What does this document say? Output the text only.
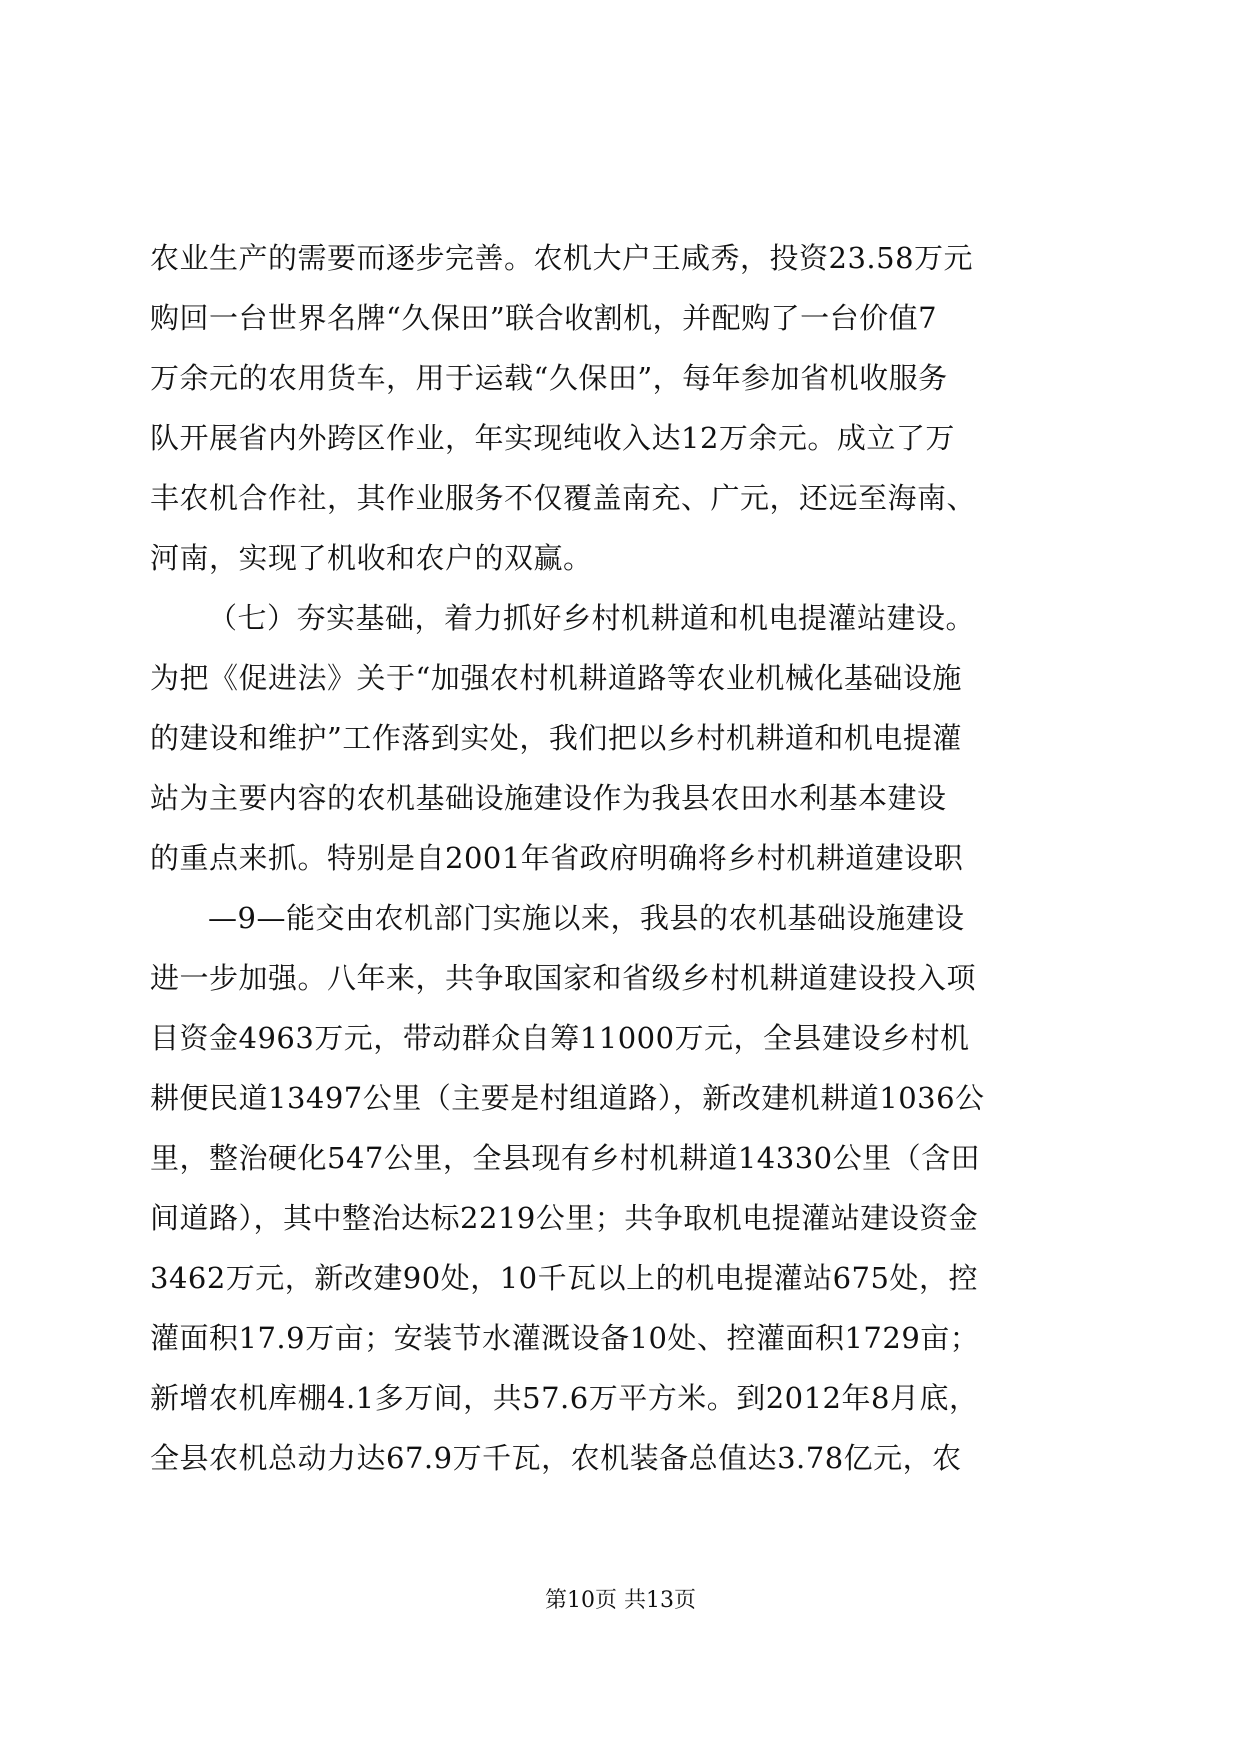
农业生产的需要而逐步完善。农机大户王咸秀，投资23.58万元
购回一台世界名牌“久保田”联合收割机，并配购了一台价值7
万余元的农用货车，用于运载“久保田”，每年参加省机收服务
队开展省内外跨区作业，年实现纯收入达12万余元。成立了万
丰农机合作社，其作业服务不仅覆盖南充、广元，还远至海南、
河南，实现了机收和农户的双赢。
（七）夯实基础，着力抓好乡村机耕道和机电提灌站建设。
为把《促进法》关于“加强农村机耕道路等农业机械化基础设施
的建设和维护”工作落到实处，我们把以乡村机耕道和机电提灌
站为主要内容的农机基础设施建设作为我县农田水利基本建设
的重点来抓。特别是自2001年省政府明确将乡村机耕道建设职
—9—能交由农机部门实施以来，我县的农机基础设施建设
进一步加强。八年来，共争取国家和省级乡村机耕道建设投入项
目资金4963万元，带动群众自筹11000万元，全县建设乡村机
耕便民道13497公里（主要是村组道路），新改建机耕道1036公
里，整治硬化547公里，全县现有乡村机耕道14330公里（含田
间道路），其中整治达标2219公里；共争取机电提灌站建设资金
3462万元，新改建90处，10千瓦以上的机电提灌站675处，控
灌面积17.9万亩；安装节水灌溉设备10处、控灌面积1729亩；
新增农机库棚4.1多万间，共57.6万平方米。到2012年8月底，
全县农机总动力达67.9万千瓦，农机装备总值达3.78亿元，农
第10页 共13页
